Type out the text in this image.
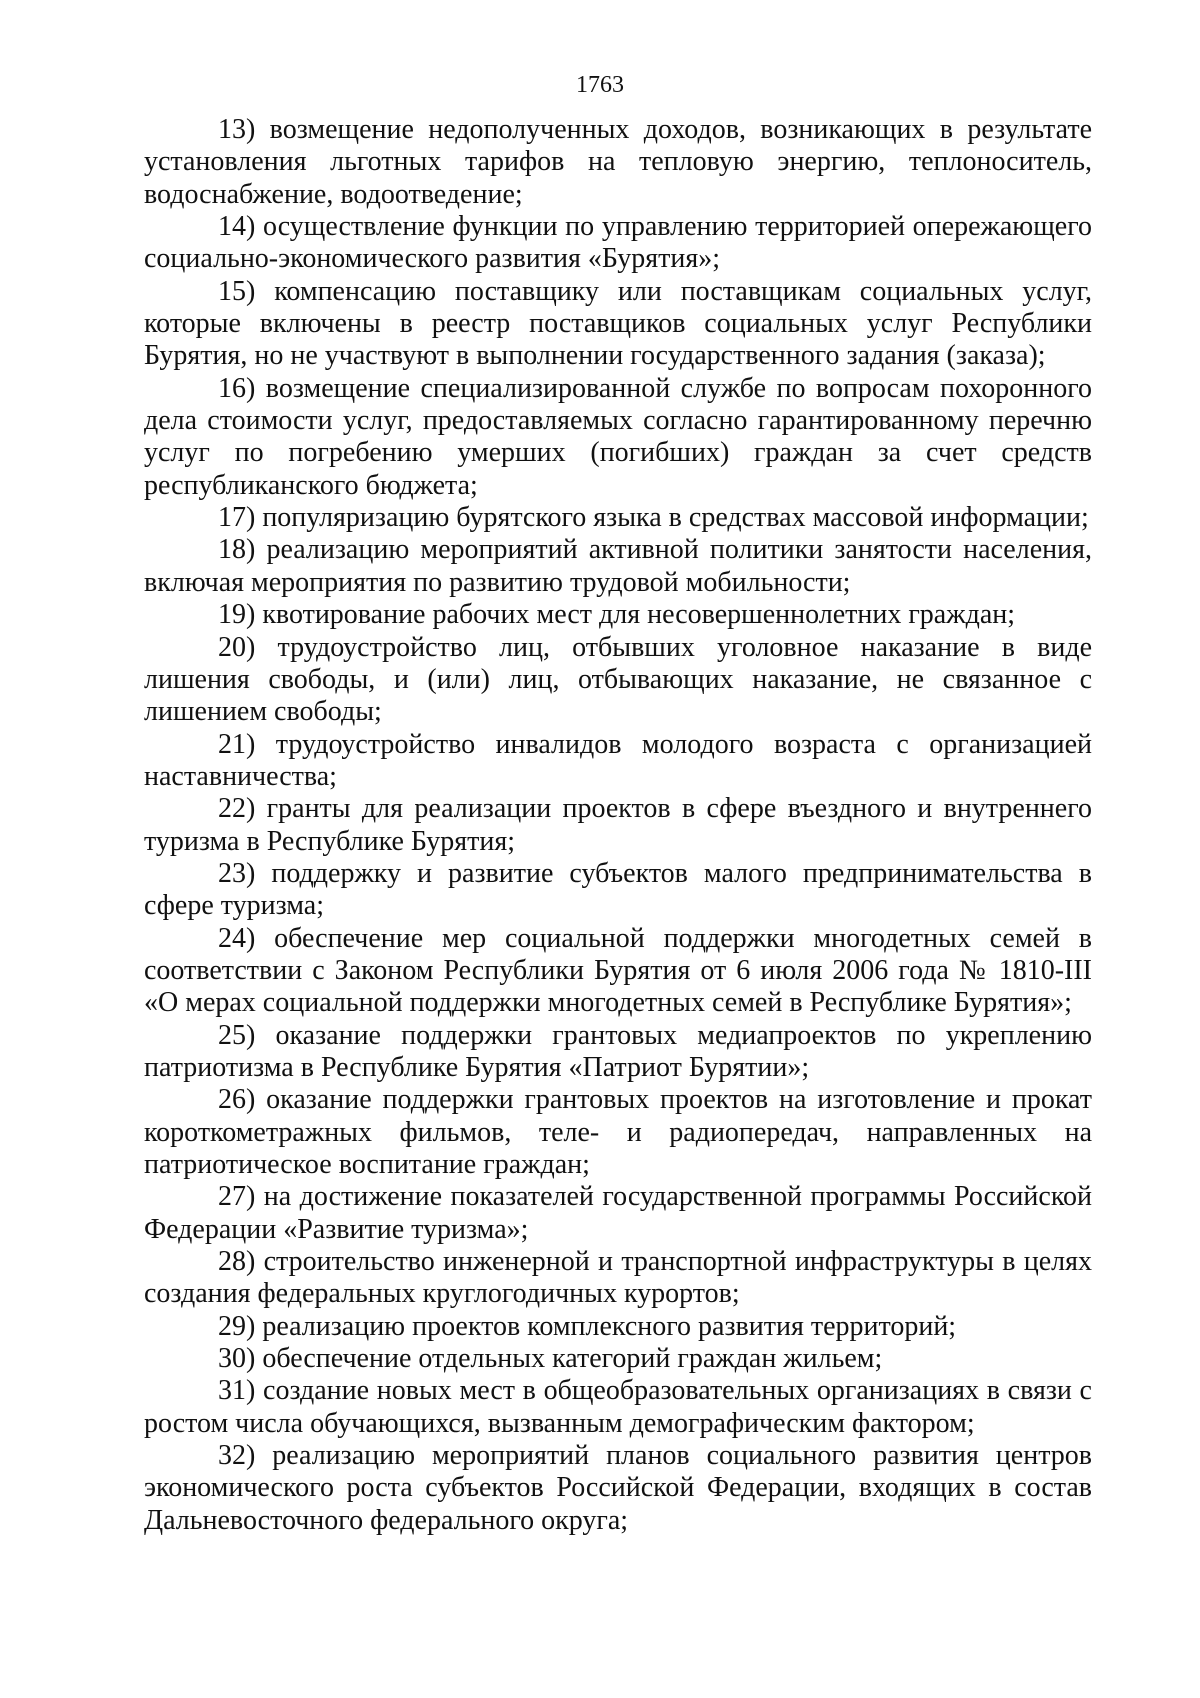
1763

13) возмещение недополученных доходов, возникающих в результате установления льготных тарифов на тепловую энергию, теплоноситель, водоснабжение, водоотведение;

14) осуществление функции по управлению территорией опережающего социально-экономического развития «Бурятия»;

15) компенсацию поставщику или поставщикам социальных услуг, которые включены в реестр поставщиков социальных услуг Республики Бурятия, но не участвуют в выполнении государственного задания (заказа);

16) возмещение специализированной службе по вопросам похоронного дела стоимости услуг, предоставляемых согласно гарантированному перечню услуг по погребению умерших (погибших) граждан за счет средств республиканского бюджета;

17) популяризацию бурятского языка в средствах массовой информации;

18) реализацию мероприятий активной политики занятости населения, включая мероприятия по развитию трудовой мобильности;

19) квотирование рабочих мест для несовершеннолетних граждан;

20) трудоустройство лиц, отбывших уголовное наказание в виде лишения свободы, и (или) лиц, отбывающих наказание, не связанное с лишением свободы;

21) трудоустройство инвалидов молодого возраста с организацией наставничества;

22) гранты для реализации проектов в сфере въездного и внутреннего туризма в Республике Бурятия;

23) поддержку и развитие субъектов малого предпринимательства в сфере туризма;

24) обеспечение мер социальной поддержки многодетных семей в соответствии с Законом Республики Бурятия от 6 июля 2006 года № 1810-III «О мерах социальной поддержки многодетных семей в Республике Бурятия»;

25) оказание поддержки грантовых медиапроектов по укреплению патриотизма в Республике Бурятия «Патриот Бурятии»;

26) оказание поддержки грантовых проектов на изготовление и прокат короткометражных фильмов, теле- и радиопередач, направленных на патриотическое воспитание граждан;

27) на достижение показателей государственной программы Российской Федерации «Развитие туризма»;

28) строительство инженерной и транспортной инфраструктуры в целях создания федеральных круглогодичных курортов;

29) реализацию проектов комплексного развития территорий;

30) обеспечение отдельных категорий граждан жильем;

31) создание новых мест в общеобразовательных организациях в связи с ростом числа обучающихся, вызванным демографическим фактором;

32) реализацию мероприятий планов социального развития центров экономического роста субъектов Российской Федерации, входящих в состав Дальневосточного федерального округа;
